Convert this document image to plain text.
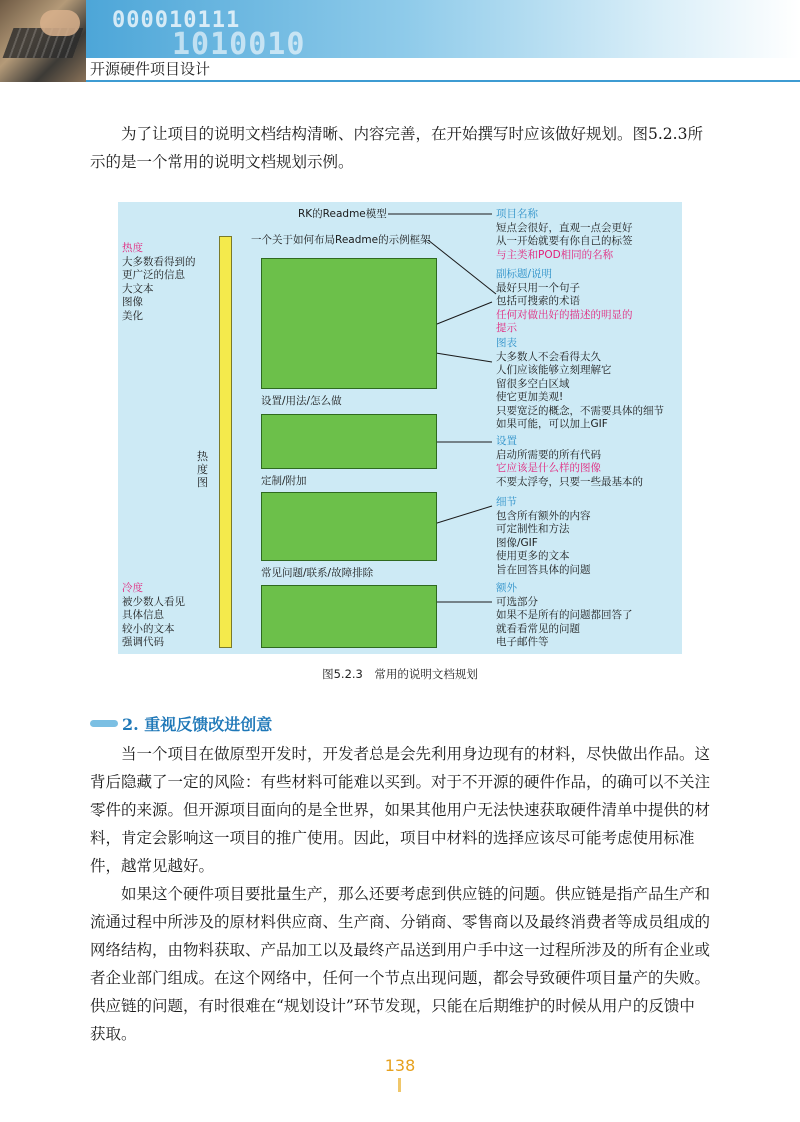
000010111
1010010
开源硬件项目设计

为了让项目的说明文档结构清晰、内容完善，在开始撰写时应该做好规划。图5.2.3所示的是一个常用的说明文档规划示例。

热度图
热度
大多数看得到的
更广泛的信息
大文本
图像
美化
冷度
被少数人看见
具体信息
较小的文本
强调代码
RK的Readme模型
一个关于如何布局Readme的示例框架
设置/用法/怎么做
定制/附加
常见问题/联系/故障排除
项目名称
短点会很好，直观一点会更好
从一开始就要有你自己的标签
与主类和POD相同的名称
副标题/说明
最好只用一个句子
包括可搜索的术语
任何对做出好的描述的明显的
提示
图表
大多数人不会看得太久
人们应该能够立刻理解它
留很多空白区域
使它更加美观!
只要宽泛的概念，不需要具体的细节
如果可能，可以加上GIF
设置
启动所需要的所有代码
它应该是什么样的图像
不要太浮夸，只要一些最基本的
细节
包含所有额外的内容
可定制性和方法
图像/GIF
使用更多的文本
旨在回答具体的问题
额外
可选部分
如果不是所有的问题都回答了
就看看常见的问题
电子邮件等
图5.2.3　常用的说明文档规划
2. 重视反馈改进创意

当一个项目在做原型开发时，开发者总是会先利用身边现有的材料，尽快做出作品。这背后隐藏了一定的风险：有些材料可能难以买到。对于不开源的硬件作品，的确可以不关注零件的来源。但开源项目面向的是全世界，如果其他用户无法快速获取硬件清单中提供的材料，肯定会影响这一项目的推广使用。因此，项目中材料的选择应该尽可能考虑使用标准件，越常见越好。

如果这个硬件项目要批量生产，那么还要考虑到供应链的问题。供应链是指产品生产和流通过程中所涉及的原材料供应商、生产商、分销商、零售商以及最终消费者等成员组成的网络结构，由物料获取、产品加工以及最终产品送到用户手中这一过程所涉及的所有企业或者企业部门组成。在这个网络中，任何一个节点出现问题，都会导致硬件项目量产的失败。供应链的问题，有时很难在“规划设计”环节发现，只能在后期维护的时候从用户的反馈中获取。

138
